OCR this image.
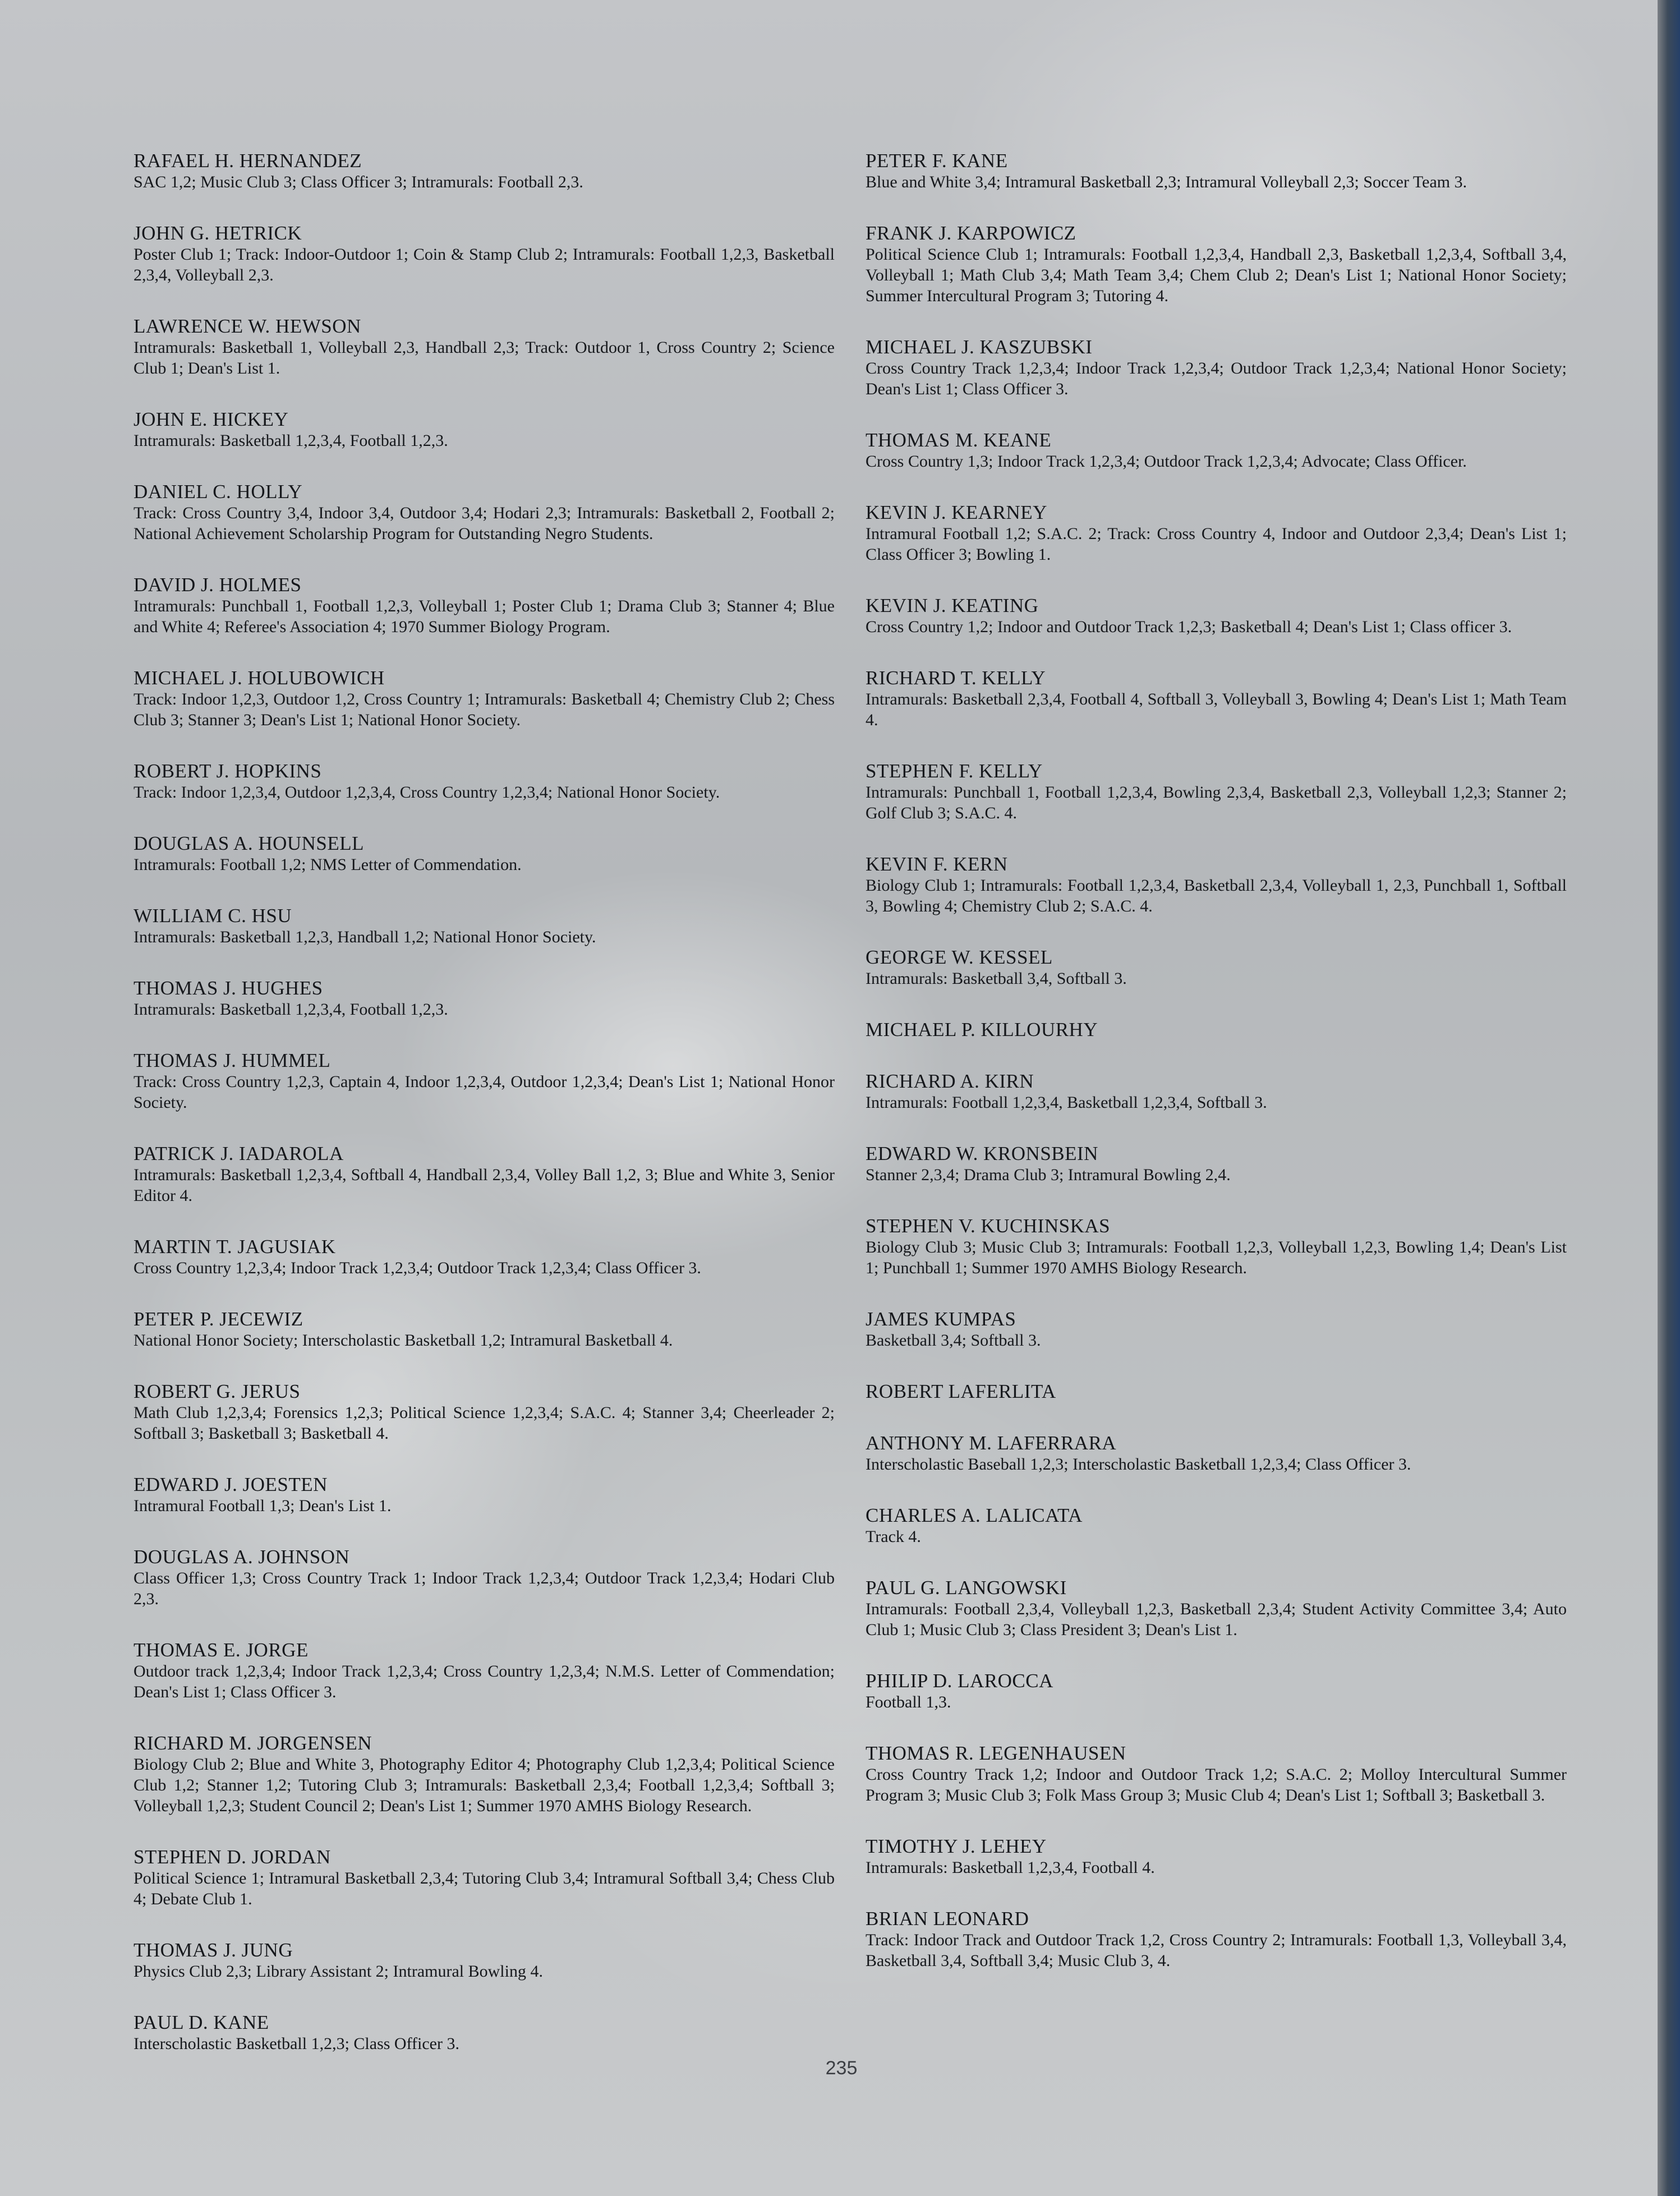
RAFAEL H. HERNANDEZ

SAC 1,2; Music Club 3; Class Officer 3; Intramurals: Football 2,3.

JOHN G. HETRICK

Poster Club 1; Track: Indoor-Outdoor 1; Coin & Stamp Club 2; Intramurals: Football 1,2,3, Basketball 2,3,4, Volleyball 2,3.

LAWRENCE W. HEWSON

Intramurals: Basketball 1, Volleyball 2,3, Handball 2,3; Track: Outdoor 1, Cross Country 2; Science Club 1; Dean's List 1.

JOHN E. HICKEY

Intramurals: Basketball 1,2,3,4, Football 1,2,3.

DANIEL C. HOLLY

Track: Cross Country 3,4, Indoor 3,4, Outdoor 3,4; Hodari 2,3; Intramurals: Basketball 2, Football 2; National Achievement Scholarship Program for Outstanding Negro Students.

DAVID J. HOLMES

Intramurals: Punchball 1, Football 1,2,3, Volleyball 1; Poster Club 1; Drama Club 3; Stanner 4; Blue and White 4; Referee's Association 4; 1970 Summer Biology Program.

MICHAEL J. HOLUBOWICH

Track: Indoor 1,2,3, Outdoor 1,2, Cross Country 1; Intramurals: Basketball 4; Chemistry Club 2; Chess Club 3; Stanner 3; Dean's List 1; National Honor Society.

ROBERT J. HOPKINS

Track: Indoor 1,2,3,4, Outdoor 1,2,3,4, Cross Country 1,2,3,4; National Honor Society.

DOUGLAS A. HOUNSELL

Intramurals: Football 1,2; NMS Letter of Commendation.

WILLIAM C. HSU

Intramurals: Basketball 1,2,3, Handball 1,2; National Honor Society.

THOMAS J. HUGHES

Intramurals: Basketball 1,2,3,4, Football 1,2,3.

THOMAS J. HUMMEL

Track: Cross Country 1,2,3, Captain 4, Indoor 1,2,3,4, Outdoor 1,2,3,4; Dean's List 1; National Honor Society.

PATRICK J. IADAROLA

Intramurals: Basketball 1,2,3,4, Softball 4, Handball 2,3,4, Volley Ball 1,2, 3; Blue and White 3, Senior Editor 4.

MARTIN T. JAGUSIAK

Cross Country 1,2,3,4; Indoor Track 1,2,3,4; Outdoor Track 1,2,3,4; Class Officer 3.

PETER P. JECEWIZ

National Honor Society; Interscholastic Basketball 1,2; Intramural Basketball 4.

ROBERT G. JERUS

Math Club 1,2,3,4; Forensics 1,2,3; Political Science 1,2,3,4; S.A.C. 4; Stanner 3,4; Cheerleader 2; Softball 3; Basketball 3; Basketball 4.

EDWARD J. JOESTEN

Intramural Football 1,3; Dean's List 1.

DOUGLAS A. JOHNSON

Class Officer 1,3; Cross Country Track 1; Indoor Track 1,2,3,4; Outdoor Track 1,2,3,4; Hodari Club 2,3.

THOMAS E. JORGE

Outdoor track 1,2,3,4; Indoor Track 1,2,3,4; Cross Country 1,2,3,4; N.M.S. Letter of Commendation; Dean's List 1; Class Officer 3.

RICHARD M. JORGENSEN

Biology Club 2; Blue and White 3, Photography Editor 4; Photography Club 1,2,3,4; Political Science Club 1,2; Stanner 1,2; Tutoring Club 3; Intramurals: Basketball 2,3,4; Football 1,2,3,4; Softball 3; Volleyball 1,2,3; Student Council 2; Dean's List 1; Summer 1970 AMHS Biology Research.

STEPHEN D. JORDAN

Political Science 1; Intramural Basketball 2,3,4; Tutoring Club 3,4; Intramural Softball 3,4; Chess Club 4; Debate Club 1.

THOMAS J. JUNG

Physics Club 2,3; Library Assistant 2; Intramural Bowling 4.

PAUL D. KANE

Interscholastic Basketball 1,2,3; Class Officer 3.

PETER F. KANE

Blue and White 3,4; Intramural Basketball 2,3; Intramural Volleyball 2,3; Soccer Team 3.

FRANK J. KARPOWICZ

Political Science Club 1; Intramurals: Football 1,2,3,4, Handball 2,3, Basketball 1,2,3,4, Softball 3,4, Volleyball 1; Math Club 3,4; Math Team 3,4; Chem Club 2; Dean's List 1; National Honor Society; Summer Intercultural Program 3; Tutoring 4.

MICHAEL J. KASZUBSKI

Cross Country Track 1,2,3,4; Indoor Track 1,2,3,4; Outdoor Track 1,2,3,4; National Honor Society; Dean's List 1; Class Officer 3.

THOMAS M. KEANE

Cross Country 1,3; Indoor Track 1,2,3,4; Outdoor Track 1,2,3,4; Advocate; Class Officer.

KEVIN J. KEARNEY

Intramural Football 1,2; S.A.C. 2; Track: Cross Country 4, Indoor and Outdoor 2,3,4; Dean's List 1; Class Officer 3; Bowling 1.

KEVIN J. KEATING

Cross Country 1,2; Indoor and Outdoor Track 1,2,3; Basketball 4; Dean's List 1; Class officer 3.

RICHARD T. KELLY

Intramurals: Basketball 2,3,4, Football 4, Softball 3, Volleyball 3, Bowling 4; Dean's List 1; Math Team 4.

STEPHEN F. KELLY

Intramurals: Punchball 1, Football 1,2,3,4, Bowling 2,3,4, Basketball 2,3, Volleyball 1,2,3; Stanner 2; Golf Club 3; S.A.C. 4.

KEVIN F. KERN

Biology Club 1; Intramurals: Football 1,2,3,4, Basketball 2,3,4, Volleyball 1, 2,3, Punchball 1, Softball 3, Bowling 4; Chemistry Club 2; S.A.C. 4.

GEORGE W. KESSEL

Intramurals: Basketball 3,4, Softball 3.

MICHAEL P. KILLOURHY

RICHARD A. KIRN

Intramurals: Football 1,2,3,4, Basketball 1,2,3,4, Softball 3.

EDWARD W. KRONSBEIN

Stanner 2,3,4; Drama Club 3; Intramural Bowling 2,4.

STEPHEN V. KUCHINSKAS

Biology Club 3; Music Club 3; Intramurals: Football 1,2,3, Volleyball 1,2,3, Bowling 1,4; Dean's List 1; Punchball 1; Summer 1970 AMHS Biology Research.

JAMES KUMPAS

Basketball 3,4; Softball 3.

ROBERT LAFERLITA

ANTHONY M. LAFERRARA

Interscholastic Baseball 1,2,3; Interscholastic Basketball 1,2,3,4; Class Officer 3.

CHARLES A. LALICATA

Track 4.

PAUL G. LANGOWSKI

Intramurals: Football 2,3,4, Volleyball 1,2,3, Basketball 2,3,4; Student Activity Committee 3,4; Auto Club 1; Music Club 3; Class President 3; Dean's List 1.

PHILIP D. LAROCCA

Football 1,3.

THOMAS R. LEGENHAUSEN

Cross Country Track 1,2; Indoor and Outdoor Track 1,2; S.A.C. 2; Molloy Intercultural Summer Program 3; Music Club 3; Folk Mass Group 3; Music Club 4; Dean's List 1; Softball 3; Basketball 3.

TIMOTHY J. LEHEY

Intramurals: Basketball 1,2,3,4, Football 4.

BRIAN LEONARD

Track: Indoor Track and Outdoor Track 1,2, Cross Country 2; Intramurals: Football 1,3, Volleyball 3,4, Basketball 3,4, Softball 3,4; Music Club 3, 4.

235
